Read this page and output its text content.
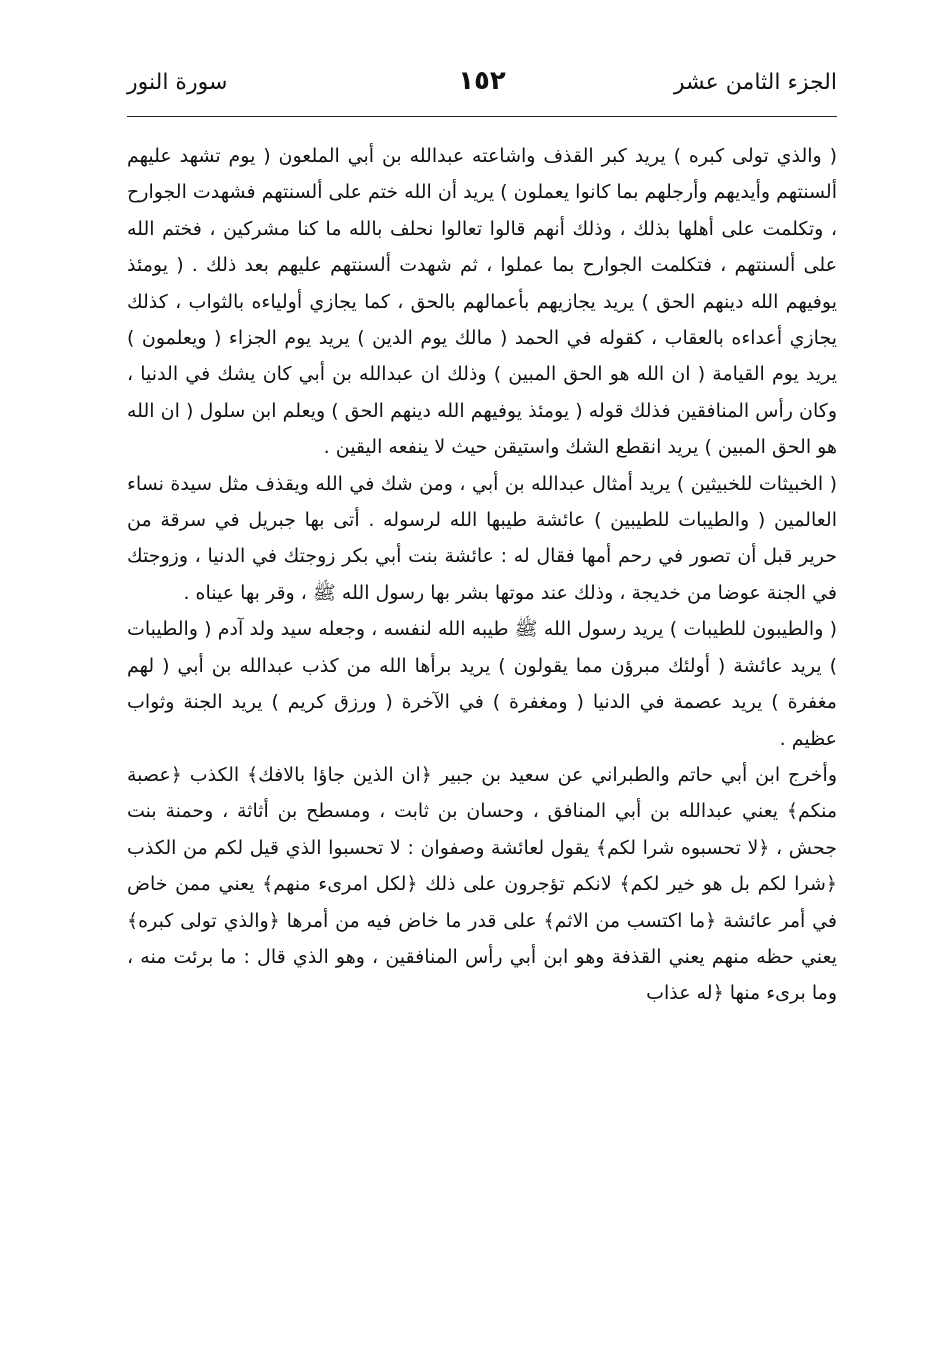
الجزء الثامن عشر
١٥٢
سورة النور

( والذي تولى كبره ) يريد كبر القذف واشاعته عبدالله بن أبي الملعون ( يوم تشهد عليهم ألسنتهم وأيديهم وأرجلهم بما كانوا يعملون ) يريد أن الله ختم على ألسنتهم فشهدت الجوارح ، وتكلمت على أهلها بذلك ، وذلك أنهم قالوا تعالوا نحلف بالله ما كنا مشركين ، فختم الله على ألسنتهم ، فتكلمت الجوارح بما عملوا ، ثم شهدت ألسنتهم عليهم بعد ذلك . ( يومئذ يوفيهم الله دينهم الحق ) يريد يجازيهم بأعمالهم بالحق ، كما يجازي أولياءه بالثواب ، كذلك يجازي أعداءه بالعقاب ، كقوله في الحمد ( مالك يوم الدين ) يريد يوم الجزاء ( ويعلمون ) يريد يوم القيامة ( ان الله هو الحق المبين ) وذلك ان عبدالله بن أبي كان يشك في الدنيا ، وكان رأس المنافقين فذلك قوله ( يومئذ يوفيهم الله دينهم الحق ) ويعلم ابن سلول ( ان الله هو الحق المبين ) يريد انقطع الشك واستيقن حيث لا ينفعه اليقين .

( الخبيثات للخبيثين ) يريد أمثال عبدالله بن أبي ، ومن شك في الله ويقذف مثل سيدة نساء العالمين ( والطيبات للطيبين ) عائشة طيبها الله لرسوله . أتى بها جبريل في سرقة من حرير قبل أن تصور في رحم أمها فقال له : عائشة بنت أبي بكر زوجتك في الدنيا ، وزوجتك في الجنة عوضا من خديجة ، وذلك عند موتها بشر بها رسول الله ﷺ ، وقر بها عيناه .

( والطيبون للطيبات ) يريد رسول الله ﷺ طيبه الله لنفسه ، وجعله سيد ولد آدم ( والطيبات ) يريد عائشة ( أولئك مبرؤن مما يقولون ) يريد برأها الله من كذب عبدالله بن أبي ( لهم مغفرة ) يريد عصمة في الدنيا ( ومغفرة ) في الآخرة ( ورزق كريم ) يريد الجنة وثواب عظيم .

وأخرج ابن أبي حاتم والطبراني عن سعيد بن جبير ﴿ان الذين جاؤا بالافك﴾ الكذب ﴿عصبة منكم﴾ يعني عبدالله بن أبي المنافق ، وحسان بن ثابت ، ومسطح بن أثاثة ، وحمنة بنت جحش ، ﴿لا تحسبوه شرا لكم﴾ يقول لعائشة وصفوان : لا تحسبوا الذي قيل لكم من الكذب ﴿شرا لكم بل هو خير لكم﴾ لانكم تؤجرون على ذلك ﴿لكل امرىء منهم﴾ يعني ممن خاض في أمر عائشة ﴿ما اكتسب من الاثم﴾ على قدر ما خاض فيه من أمرها ﴿والذي تولى كبره﴾ يعني حظه منهم يعني القذفة وهو ابن أبي رأس المنافقين ، وهو الذي قال : ما برئت منه ، وما برىء منها ﴿له عذاب
